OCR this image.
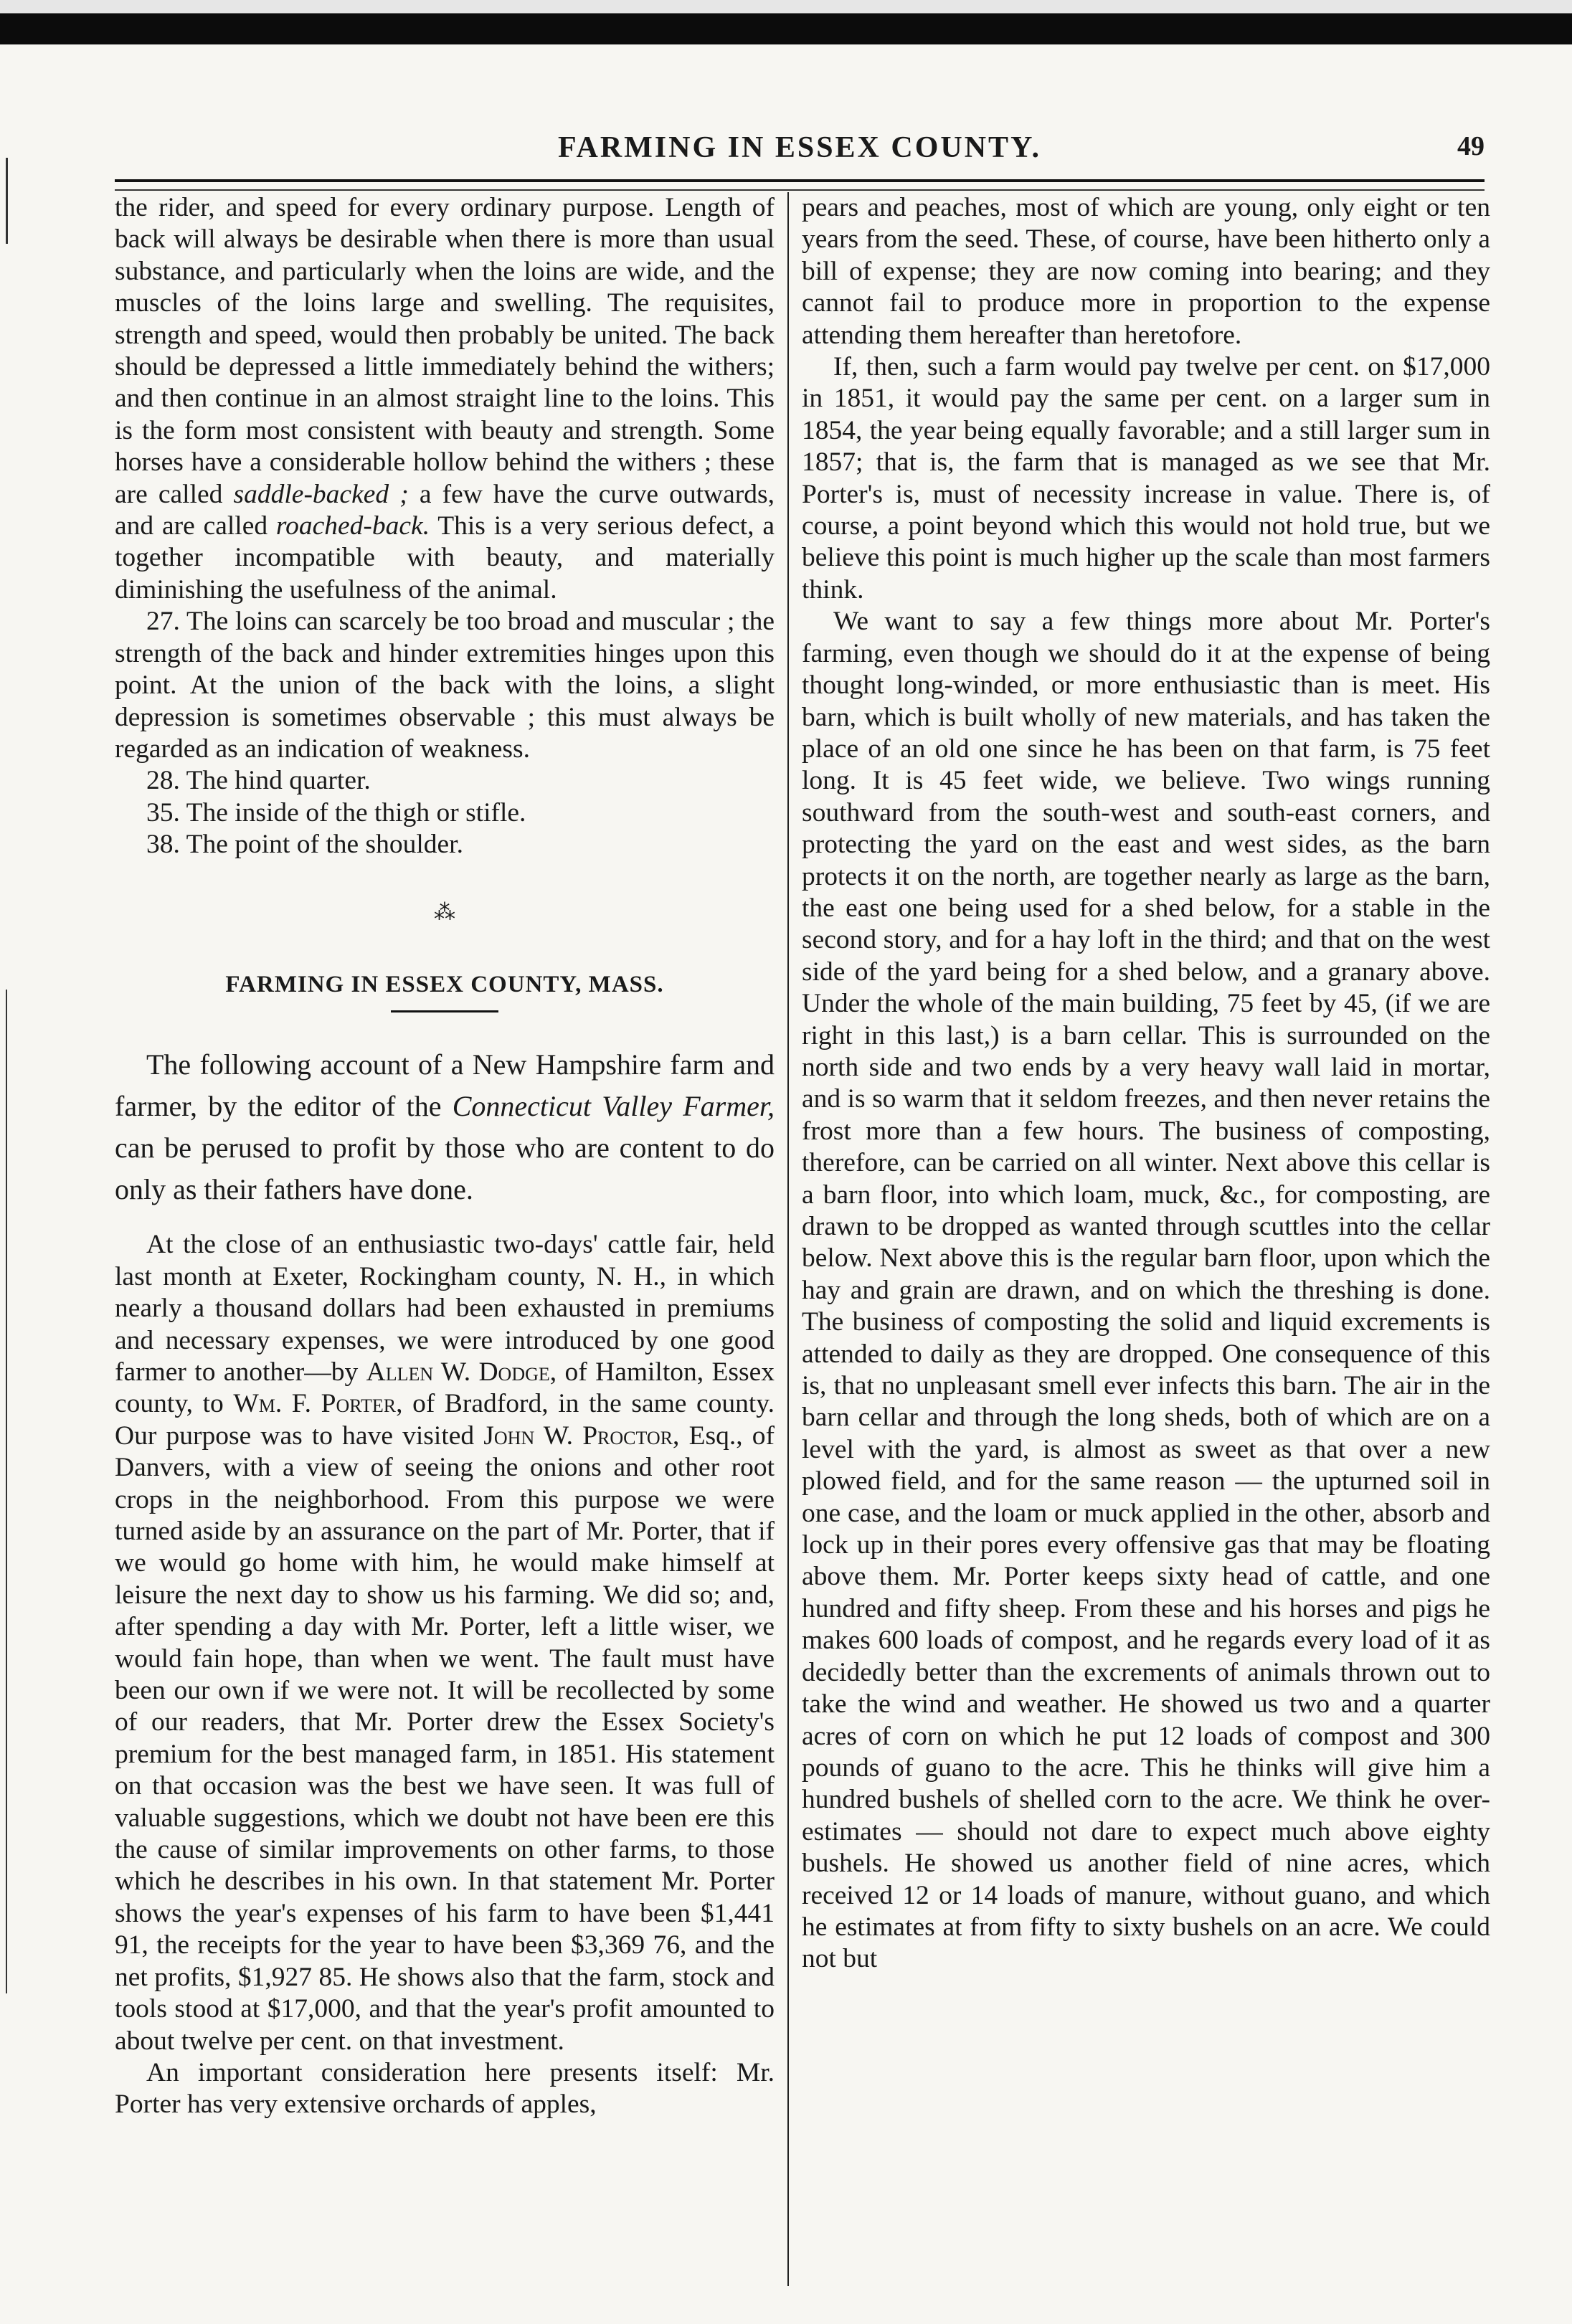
FARMING IN ESSEX COUNTY.	49

the rider, and speed for every ordinary purpose. Length of back will always be desirable when there is more than usual substance, and particularly when the loins are wide, and the muscles of the loins large and swelling. The requisites, strength and speed, would then probably be united. The back should be depressed a little immediately behind the withers; and then continue in an almost straight line to the loins. This is the form most consistent with beauty and strength. Some horses have a considerable hollow behind the withers ; these are called saddle-backed ; a few have the curve outwards, and are called roached-back. This is a very serious defect, a together incompatible with beauty, and materially diminishing the usefulness of the animal.

27. The loins can scarcely be too broad and muscular ; the strength of the back and hinder extremities hinges upon this point. At the union of the back with the loins, a slight depression is sometimes observable ; this must always be regarded as an indication of weakness.

28. The hind quarter.

35. The inside of the thigh or stifle.

38. The point of the shoulder.

⁂

FARMING IN ESSEX COUNTY, MASS.

The following account of a New Hampshire farm and farmer, by the editor of the Connecticut Valley Farmer, can be perused to profit by those who are content to do only as their fathers have done.

At the close of an enthusiastic two-days' cattle fair, held last month at Exeter, Rockingham county, N. H., in which nearly a thousand dollars had been exhausted in premiums and necessary expenses, we were introduced by one good farmer to another—by Allen W. Dodge, of Hamilton, Essex county, to Wm. F. Porter, of Bradford, in the same county. Our purpose was to have visited John W. Proctor, Esq., of Danvers, with a view of seeing the onions and other root crops in the neighborhood. From this purpose we were turned aside by an assurance on the part of Mr. Porter, that if we would go home with him, he would make himself at leisure the next day to show us his farming. We did so; and, after spending a day with Mr. Porter, left a little wiser, we would fain hope, than when we went. The fault must have been our own if we were not. It will be recollected by some of our readers, that Mr. Porter drew the Essex Society's premium for the best managed farm, in 1851. His statement on that occasion was the best we have seen. It was full of valuable suggestions, which we doubt not have been ere this the cause of similar improvements on other farms, to those which he describes in his own. In that statement Mr. Porter shows the year's expenses of his farm to have been $1,441 91, the receipts for the year to have been $3,369 76, and the net profits, $1,927 85. He shows also that the farm, stock and tools stood at $17,000, and that the year's profit amounted to about twelve per cent. on that investment.

An important consideration here presents itself: Mr. Porter has very extensive orchards of apples,

pears and peaches, most of which are young, only eight or ten years from the seed. These, of course, have been hitherto only a bill of expense; they are now coming into bearing; and they cannot fail to produce more in proportion to the expense attending them hereafter than heretofore.

If, then, such a farm would pay twelve per cent. on $17,000 in 1851, it would pay the same per cent. on a larger sum in 1854, the year being equally favorable; and a still larger sum in 1857; that is, the farm that is managed as we see that Mr. Porter's is, must of necessity increase in value. There is, of course, a point beyond which this would not hold true, but we believe this point is much higher up the scale than most farmers think.

We want to say a few things more about Mr. Porter's farming, even though we should do it at the expense of being thought long-winded, or more enthusiastic than is meet. His barn, which is built wholly of new materials, and has taken the place of an old one since he has been on that farm, is 75 feet long. It is 45 feet wide, we believe. Two wings running southward from the south-west and south-east corners, and protecting the yard on the east and west sides, as the barn protects it on the north, are together nearly as large as the barn, the east one being used for a shed below, for a stable in the second story, and for a hay loft in the third; and that on the west side of the yard being for a shed below, and a granary above. Under the whole of the main building, 75 feet by 45, (if we are right in this last,) is a barn cellar. This is surrounded on the north side and two ends by a very heavy wall laid in mortar, and is so warm that it seldom freezes, and then never retains the frost more than a few hours. The business of composting, therefore, can be carried on all winter. Next above this cellar is a barn floor, into which loam, muck, &c., for composting, are drawn to be dropped as wanted through scuttles into the cellar below. Next above this is the regular barn floor, upon which the hay and grain are drawn, and on which the threshing is done. The business of composting the solid and liquid excrements is attended to daily as they are dropped. One consequence of this is, that no unpleasant smell ever infects this barn. The air in the barn cellar and through the long sheds, both of which are on a level with the yard, is almost as sweet as that over a new plowed field, and for the same reason — the upturned soil in one case, and the loam or muck applied in the other, absorb and lock up in their pores every offensive gas that may be floating above them. Mr. Porter keeps sixty head of cattle, and one hundred and fifty sheep. From these and his horses and pigs he makes 600 loads of compost, and he regards every load of it as decidedly better than the excrements of animals thrown out to take the wind and weather. He showed us two and a quarter acres of corn on which he put 12 loads of compost and 300 pounds of guano to the acre. This he thinks will give him a hundred bushels of shelled corn to the acre. We think he over-estimates — should not dare to expect much above eighty bushels. He showed us another field of nine acres, which received 12 or 14 loads of manure, without guano, and which he estimates at from fifty to sixty bushels on an acre. We could not but
